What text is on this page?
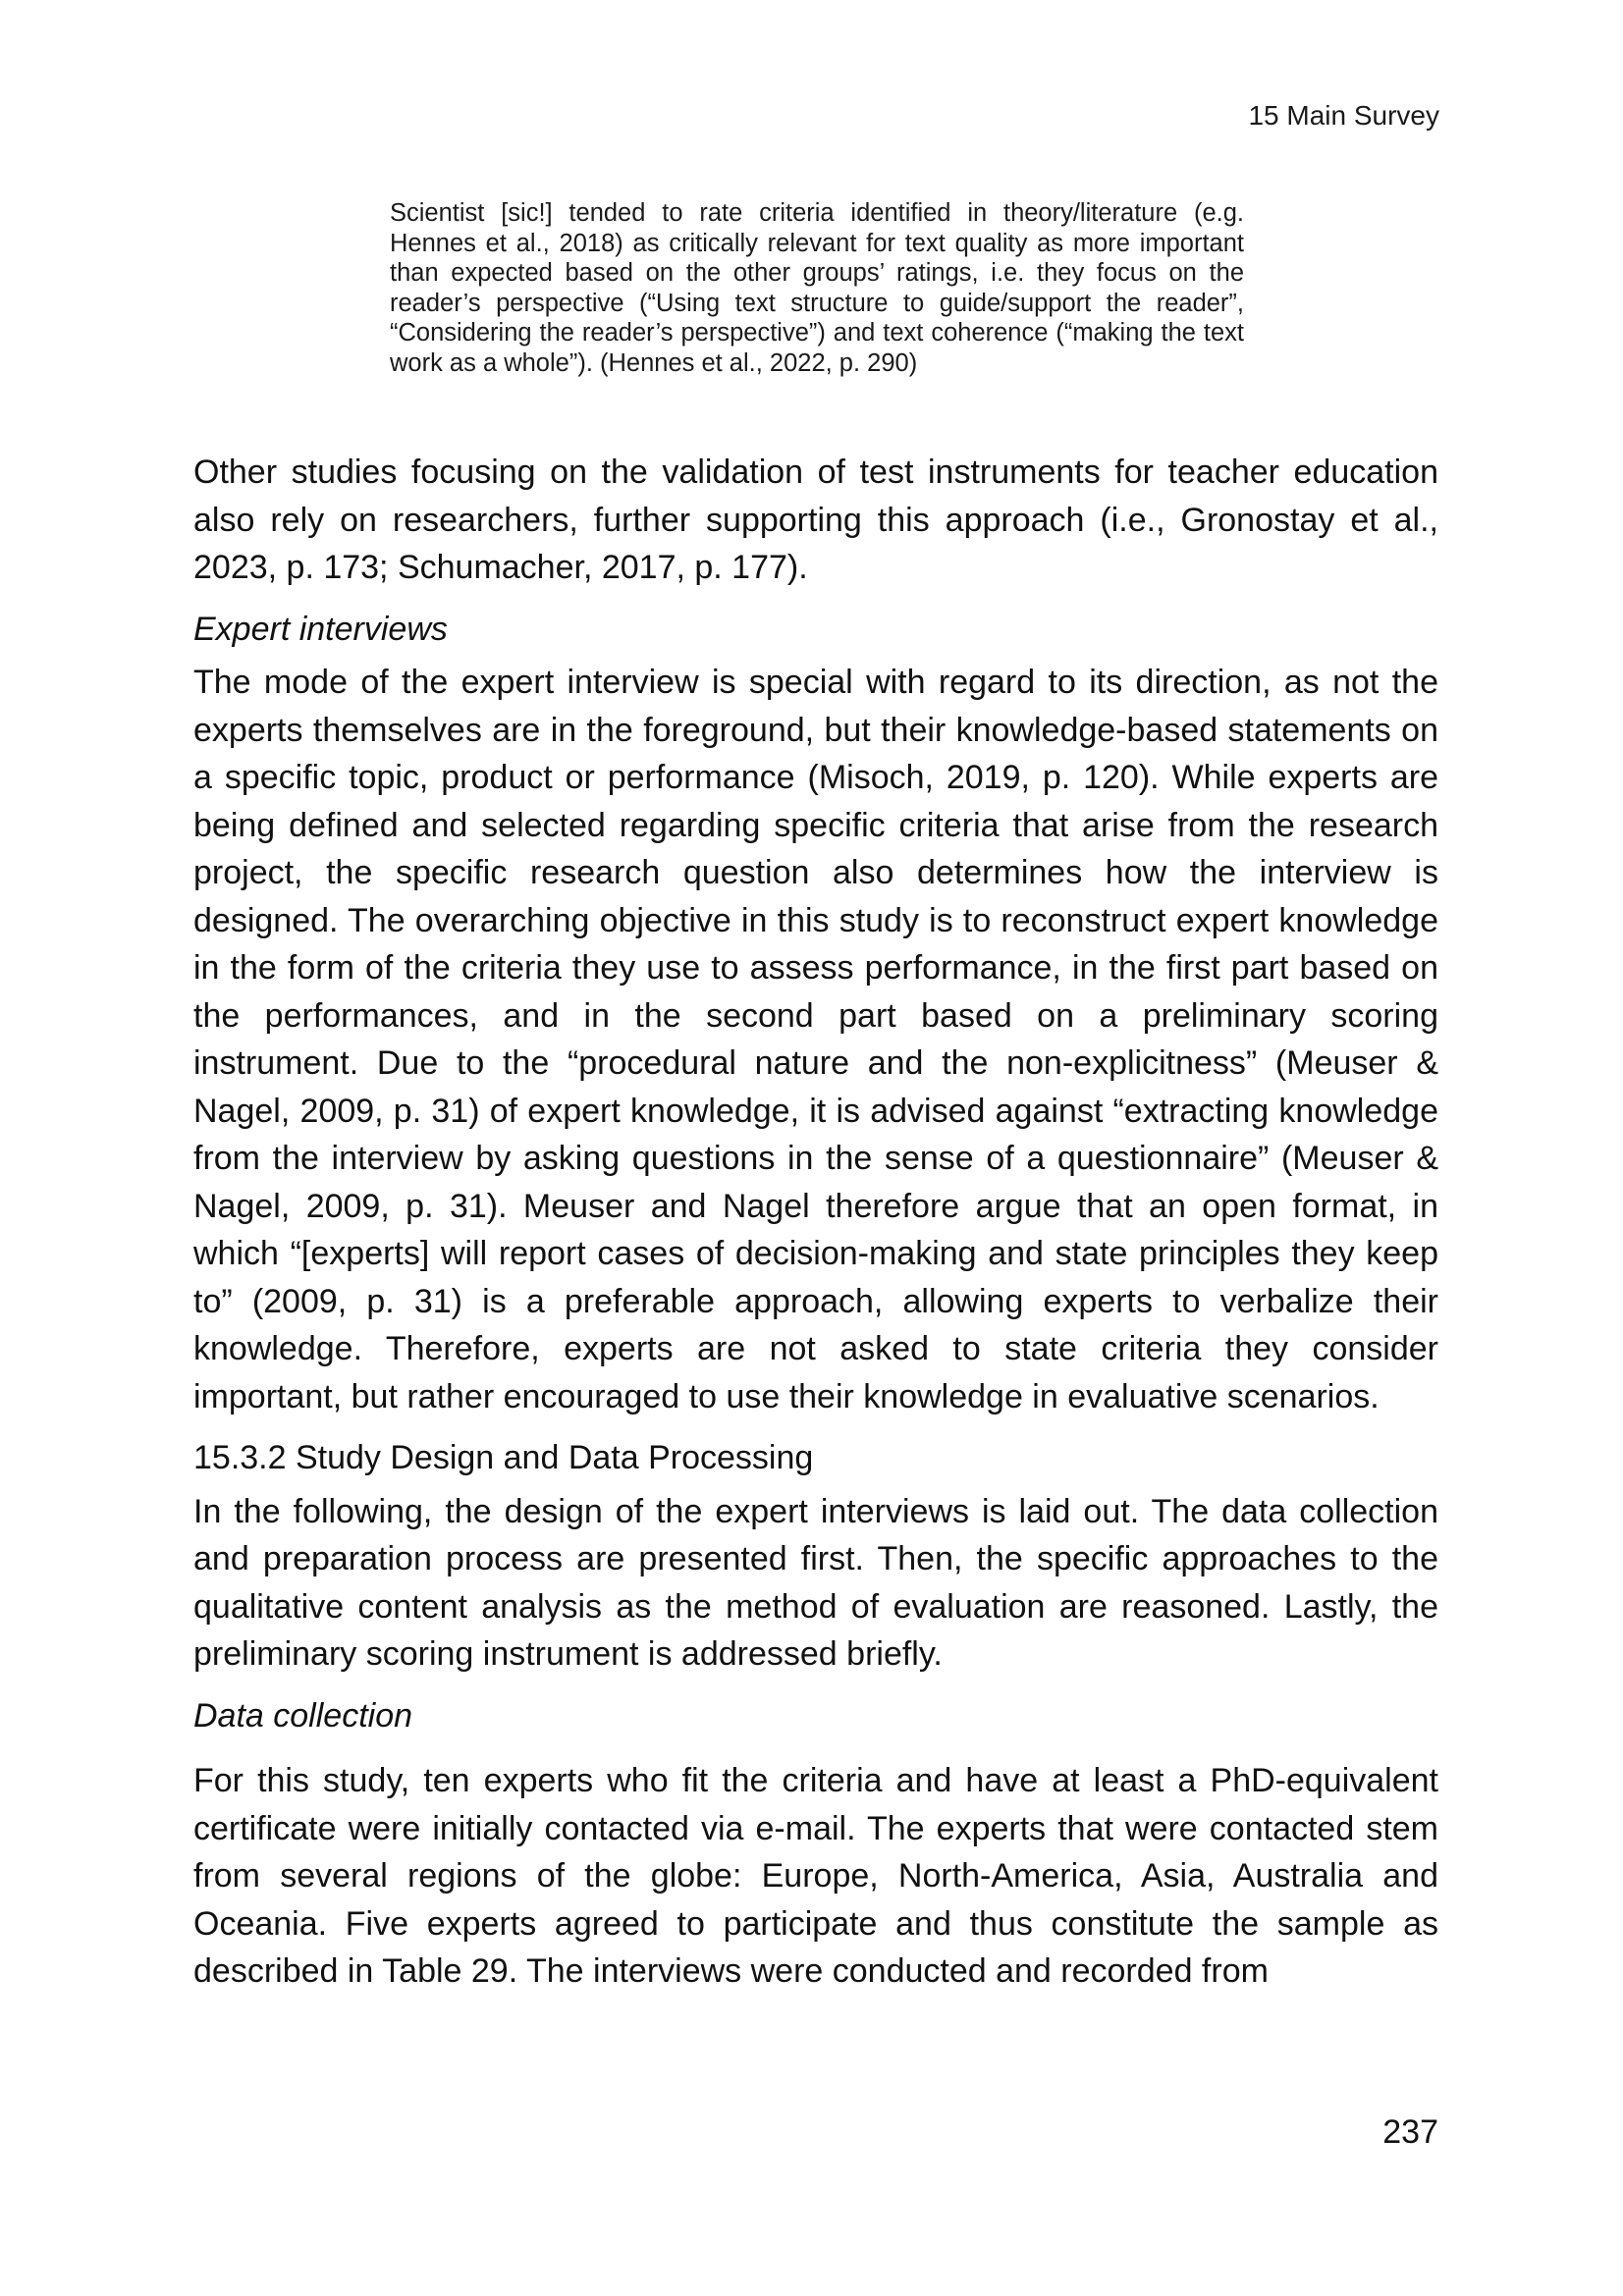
15 Main Survey
Scientist [sic!] tended to rate criteria identified in theory/literature (e.g. Hennes et al., 2018) as critically relevant for text quality as more important than expected based on the other groups’ ratings, i.e. they focus on the reader’s perspective (“Using text structure to guide/support the reader”, “Considering the reader’s perspective”) and text coherence (“making the text work as a whole”). (Hennes et al., 2022, p. 290)

Other studies focusing on the validation of test instruments for teacher education also rely on researchers, further supporting this approach (i.e., Gronostay et al., 2023, p. 173; Schumacher, 2017, p. 177).

Expert interviews

The mode of the expert interview is special with regard to its direction, as not the experts themselves are in the foreground, but their knowledge-based statements on a specific topic, product or performance (Misoch, 2019, p. 120). While experts are being defined and selected regarding specific criteria that arise from the research project, the specific research question also determines how the interview is designed. The overarching objective in this study is to reconstruct expert knowledge in the form of the criteria they use to assess performance, in the first part based on the performances, and in the second part based on a preliminary scoring instrument. Due to the “procedural nature and the non-explicitness” (Meuser & Nagel, 2009, p. 31) of expert knowledge, it is advised against “extracting knowledge from the interview by asking questions in the sense of a questionnaire” (Meuser & Nagel, 2009, p. 31). Meuser and Nagel therefore argue that an open format, in which “[experts] will report cases of decision-making and state principles they keep to” (2009, p. 31) is a preferable approach, allowing experts to verbalize their knowledge. Therefore, experts are not asked to state criteria they consider important, but rather encouraged to use their knowledge in evaluative scenarios.

15.3.2 Study Design and Data Processing

In the following, the design of the expert interviews is laid out. The data collection and preparation process are presented first. Then, the specific approaches to the qualitative content analysis as the method of evaluation are reasoned. Lastly, the preliminary scoring instrument is addressed briefly.

Data collection

For this study, ten experts who fit the criteria and have at least a PhD-equivalent certificate were initially contacted via e-mail. The experts that were contacted stem from several regions of the globe: Europe, North-America, Asia, Australia and Oceania. Five experts agreed to participate and thus constitute the sample as described in Table 29. The interviews were conducted and recorded from

237
